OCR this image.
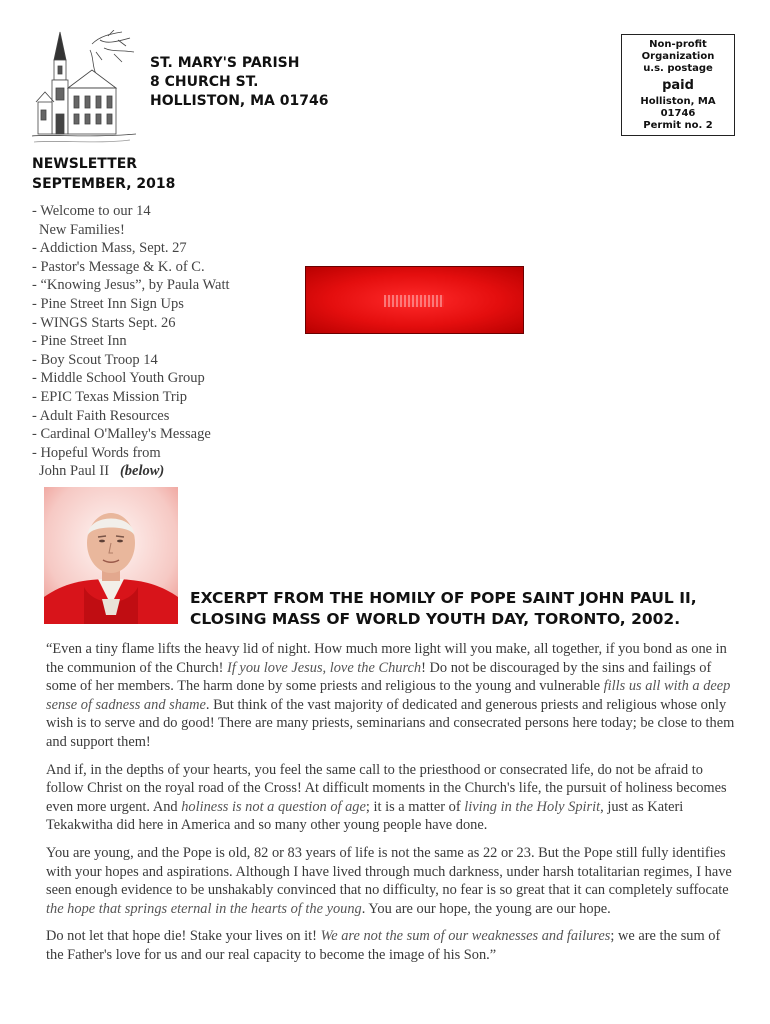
ST. MARY'S PARISH
8 CHURCH ST.
HOLLISTON, MA 01746
Non-profit
Organization
u.s. postage
paid
Holliston, MA
01746
Permit no. 2
NEWSLETTER
SEPTEMBER, 2018
- Welcome to our 14
New Families!
- Addiction Mass, Sept. 27
- Pastor's Message & K. of C.
- “Knowing Jesus”, by Paula Watt
- Pine Street Inn Sign Ups
- WINGS Starts Sept. 26
- Pine Street Inn
- Boy Scout Troop 14
- Middle School Youth Group
- EPIC Texas Mission Trip
- Adult Faith Resources
- Cardinal O'Malley's Message
- Hopeful Words from
John Paul II (below)
EXCERPT FROM THE HOMILY OF POPE SAINT JOHN PAUL II,
CLOSING MASS OF WORLD YOUTH DAY, TORONTO, 2002.

“Even a tiny flame lifts the heavy lid of night. How much more light will you make, all together, if you bond as one in the communion of the Church! If you love Jesus, love the Church! Do not be discouraged by the sins and failings of some of her members. The harm done by some priests and religious to the young and vulnerable fills us all with a deep sense of sadness and shame. But think of the vast majority of dedicated and generous priests and religious whose only wish is to serve and do good! There are many priests, seminarians and consecrated persons here today; be close to them and support them!

And if, in the depths of your hearts, you feel the same call to the priesthood or consecrated life, do not be afraid to follow Christ on the royal road of the Cross! At difficult moments in the Church's life, the pursuit of holiness becomes even more urgent. And holiness is not a question of age; it is a matter of living in the Holy Spirit, just as Kateri Tekakwitha did here in America and so many other young people have done.

You are young, and the Pope is old, 82 or 83 years of life is not the same as 22 or 23. But the Pope still fully identifies with your hopes and aspirations. Although I have lived through much darkness, under harsh totalitarian regimes, I have seen enough evidence to be unshakably convinced that no difficulty, no fear is so great that it can completely suffocate the hope that springs eternal in the hearts of the young. You are our hope, the young are our hope.

Do not let that hope die! Stake your lives on it! We are not the sum of our weaknesses and failures; we are the sum of the Father's love for us and our real capacity to become the image of his Son.”
